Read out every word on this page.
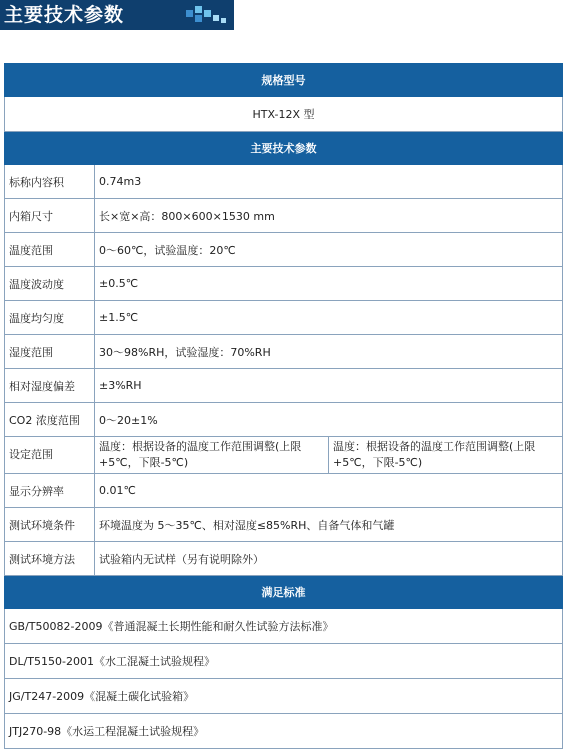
主要技术参数
规格型号		
HTX-12X 型		
主要技术参数		
标称内容积	0.74m3	
内箱尺寸	长×宽×高：800×600×1530 mm	
温度范围	0～60℃，试验温度：20℃	
温度波动度	±0.5℃	
温度均匀度	±1.5℃	
湿度范围	30～98%RH，试验湿度：70%RH	
相对湿度偏差	±3%RH	
CO2 浓度范围	0～20±1%	
设定范围	温度：根据设备的温度工作范围调整(上限+5℃，下限-5℃)	温度：根据设备的温度工作范围调整(上限+5℃，下限-5℃)
显示分辨率	0.01℃	
测试环境条件	环境温度为 5～35℃、相对湿度≤85%RH、自备气体和气罐	
测试环境方法	试验箱内无试样（另有说明除外）	
满足标准		
GB/T50082-2009《普通混凝土长期性能和耐久性试验方法标准》		
DL/T5150-2001《水工混凝土试验规程》		
JG/T247-2009《混凝土碳化试验箱》		
JTJ270-98《水运工程混凝土试验规程》		
